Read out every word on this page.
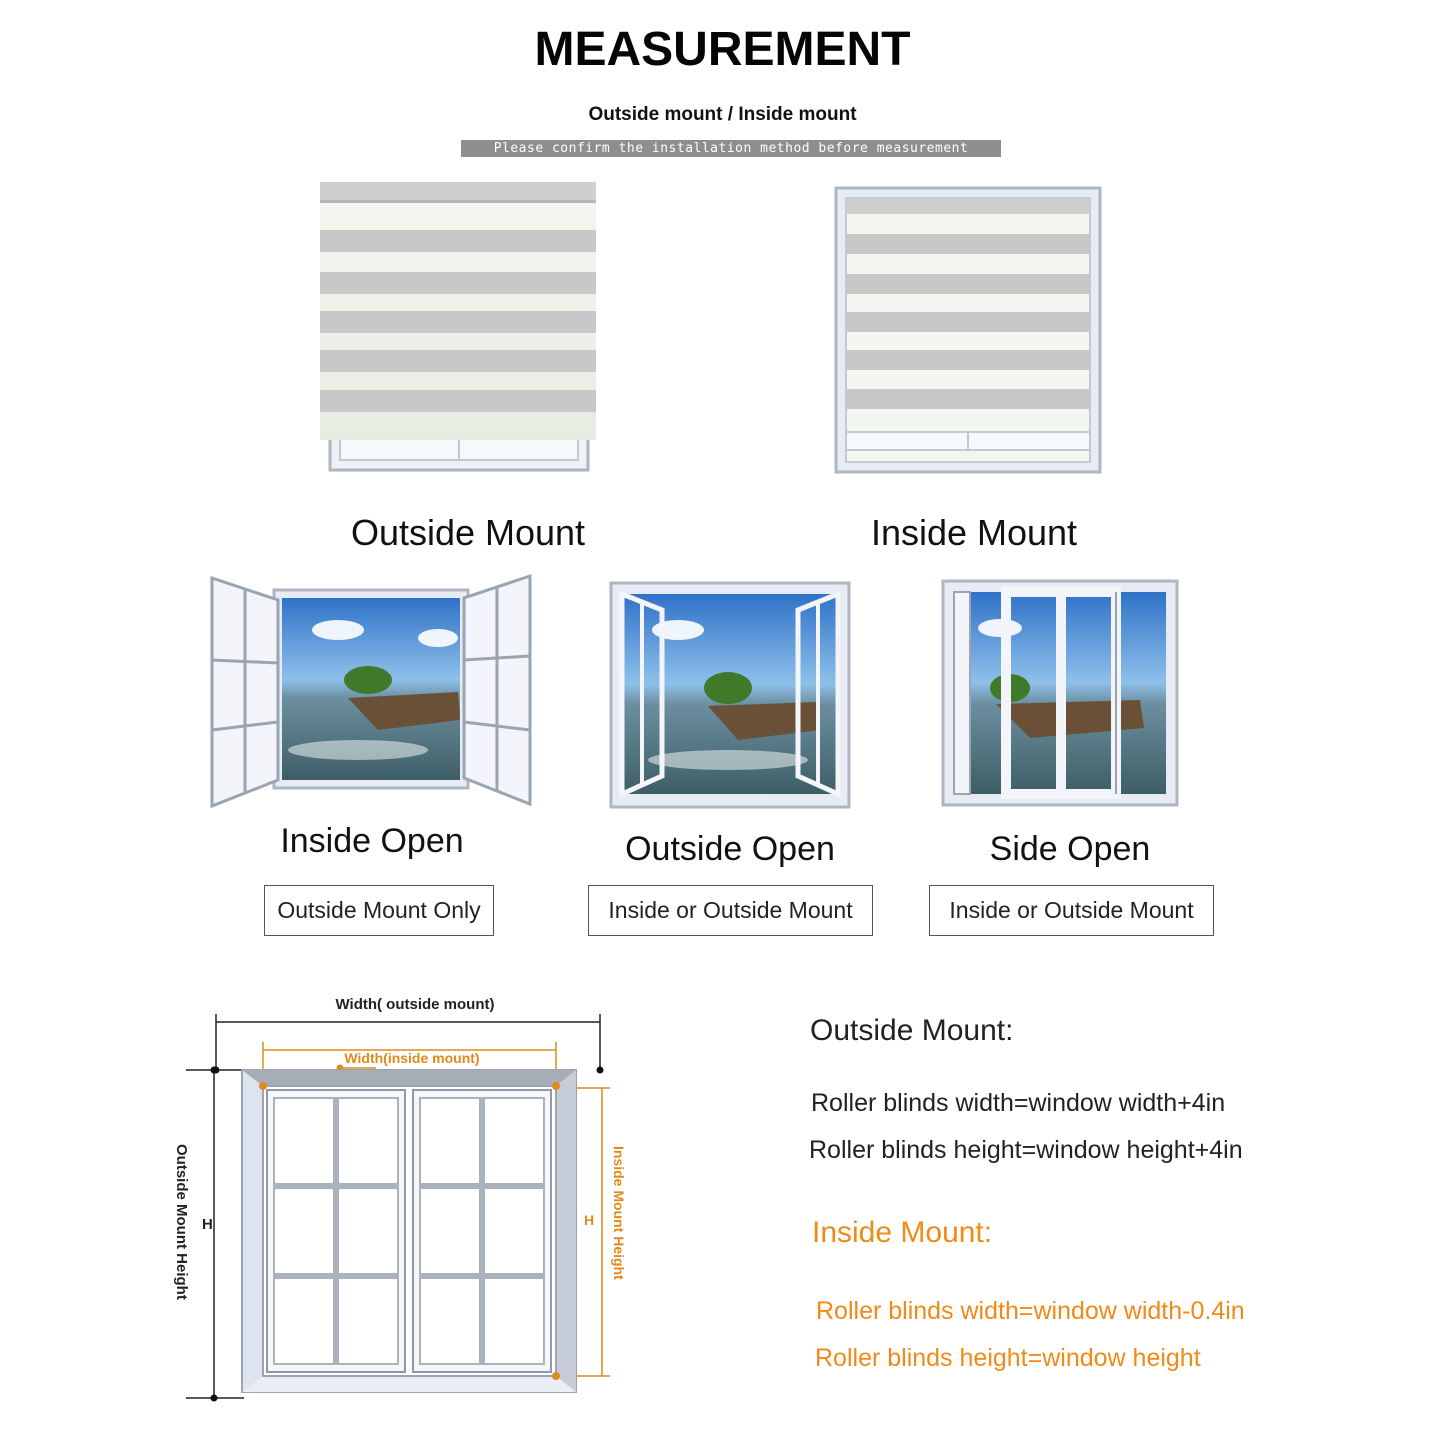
MEASUREMENT
Outside mount / Inside mount
Please confirm the installation method before measurement
Outside Mount	Inside Mount
Inside Open	Outside Open	Side Open
Outside Mount Only	Inside or Outside Mount	Inside or Outside Mount
Width( outside mount)
Width(inside mount)
Outside Mount Height H	Inside Mount Height
H
Outside Mount:
Roller blinds width=window width+4in
Roller blinds height=window height+4in
Inside Mount:
Roller blinds width=window width-0.4in
Roller blinds height=window height
